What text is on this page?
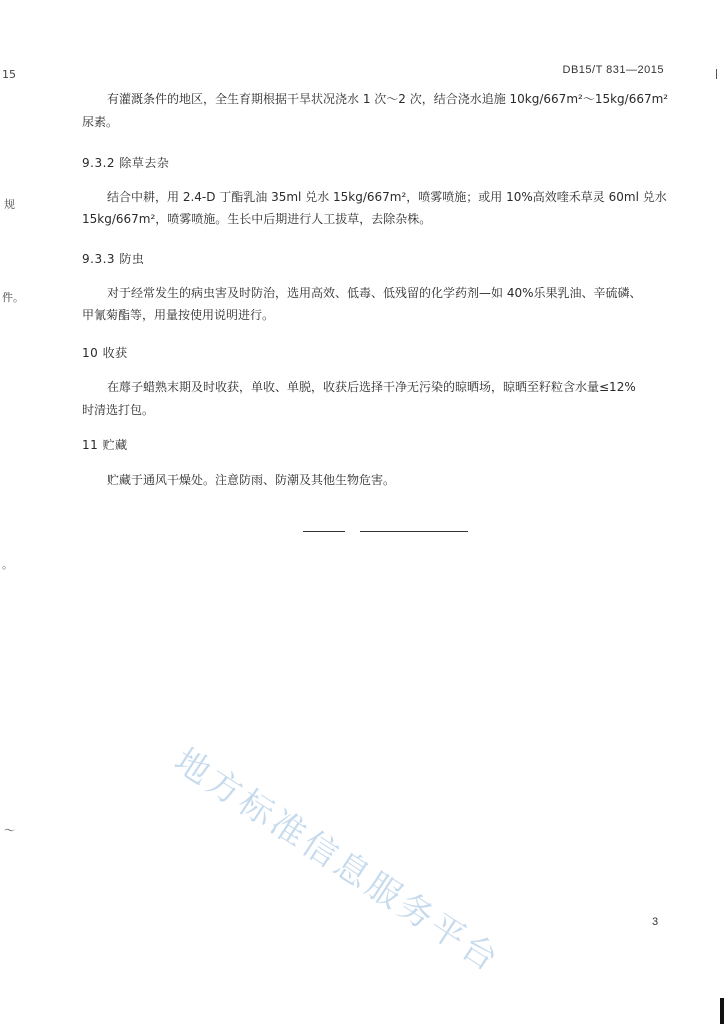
DB15/T 831—2015
15
规
件。
。
～
有灌溉条件的地区，全生育期根据干旱状况浇水 1 次～2 次，结合浇水追施 10kg/667m²～15kg/667m²
尿素。
9.3.2 除草去杂
结合中耕，用 2.4-D 丁酯乳油 35ml 兑水 15kg/667m²，喷雾喷施；或用 10%高效喹禾草灵 60ml 兑水
15kg/667m²，喷雾喷施。生长中后期进行人工拔草，去除杂株。
9.3.3 防虫
对于经常发生的病虫害及时防治，选用高效、低毒、低残留的化学药剂—如 40%乐果乳油、辛硫磷、
甲氰菊酯等，用量按使用说明进行。
10 收获
在蓐子蜡熟末期及时收获，单收、单脱，收获后选择干净无污染的晾晒场，晾晒至籽粒含水量≤12%
时清选打包。
11 贮藏
贮藏于通风干燥处。注意防雨、防潮及其他生物危害。
地方标准信息服务平台	3
